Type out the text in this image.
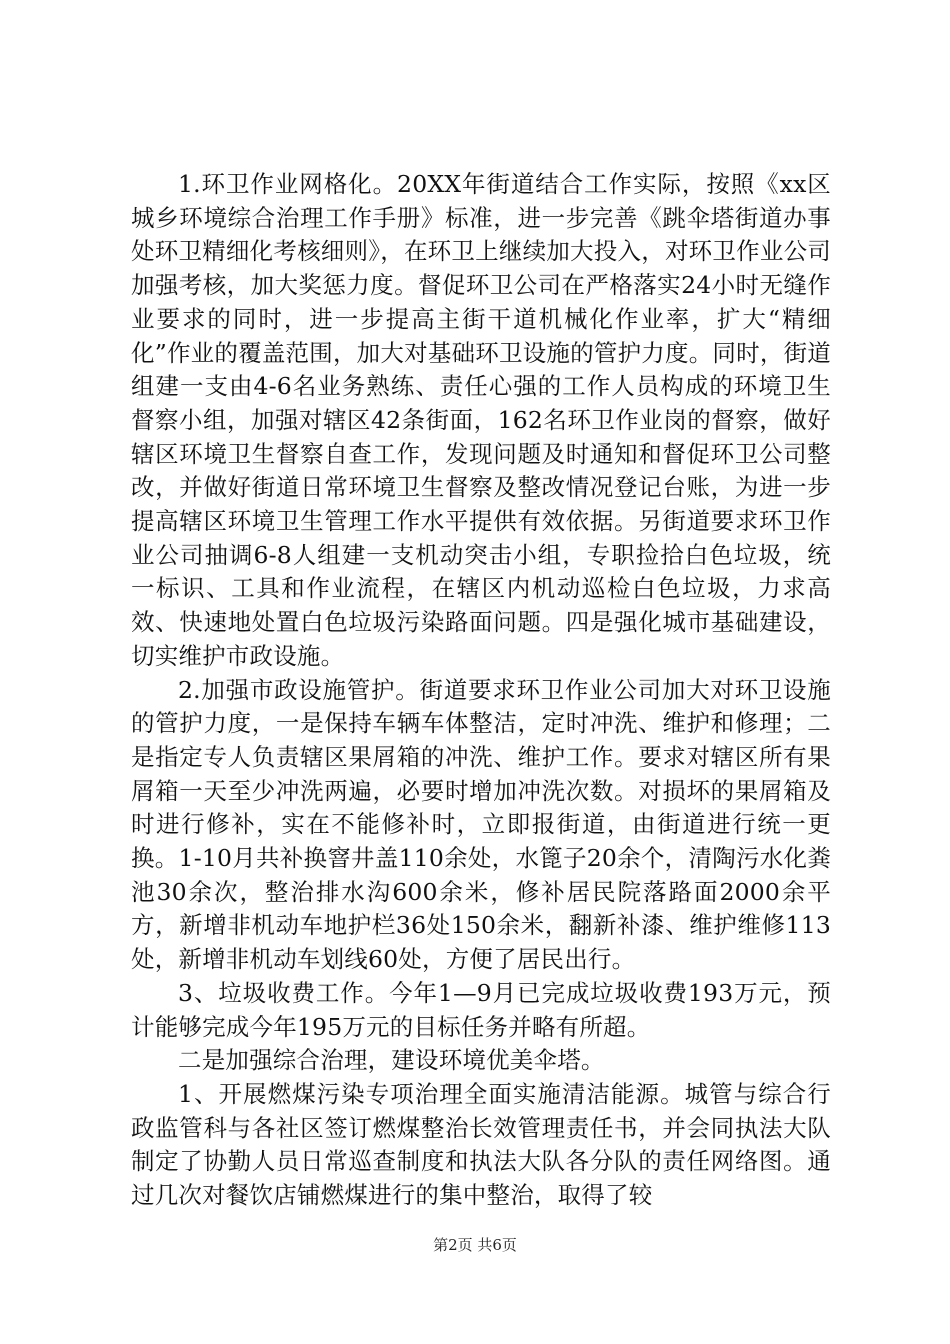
1.环卫作业网格化。20XX年街道结合工作实际，按照《xx区城乡环境综合治理工作手册》标准，进一步完善《跳伞塔街道办事处环卫精细化考核细则》，在环卫上继续加大投入，对环卫作业公司加强考核，加大奖惩力度。督促环卫公司在严格落实24小时无缝作业要求的同时，进一步提高主街干道机械化作业率，扩大“精细化”作业的覆盖范围，加大对基础环卫设施的管护力度。同时，街道组建一支由4-6名业务熟练、责任心强的工作人员构成的环境卫生督察小组，加强对辖区42条街面，162名环卫作业岗的督察，做好辖区环境卫生督察自查工作，发现问题及时通知和督促环卫公司整改，并做好街道日常环境卫生督察及整改情况登记台账，为进一步提高辖区环境卫生管理工作水平提供有效依据。另街道要求环卫作业公司抽调6-8人组建一支机动突击小组，专职捡拾白色垃圾，统一标识、工具和作业流程，在辖区内机动巡检白色垃圾，力求高效、快速地处置白色垃圾污染路面问题。四是强化城市基础建设，切实维护市政设施。

2.加强市政设施管护。街道要求环卫作业公司加大对环卫设施的管护力度，一是保持车辆车体整洁，定时冲洗、维护和修理；二是指定专人负责辖区果屑箱的冲洗、维护工作。要求对辖区所有果屑箱一天至少冲洗两遍，必要时增加冲洗次数。对损坏的果屑箱及时进行修补，实在不能修补时，立即报街道，由街道进行统一更换。1-10月共补换窨井盖110余处，水篦子20余个，清陶污水化粪池30余次，整治排水沟600余米，修补居民院落路面2000余平方，新增非机动车地护栏36处150余米，翻新补漆、维护维修113处，新增非机动车划线60处，方便了居民出行。

3、垃圾收费工作。今年1—9月已完成垃圾收费193万元，预计能够完成今年195万元的目标任务并略有所超。

二是加强综合治理，建设环境优美伞塔。

1、开展燃煤污染专项治理全面实施清洁能源。城管与综合行政监管科与各社区签订燃煤整治长效管理责任书，并会同执法大队制定了协勤人员日常巡查制度和执法大队各分队的责任网络图。通过几次对餐饮店铺燃煤进行的集中整治，取得了较

第2页 共6页
